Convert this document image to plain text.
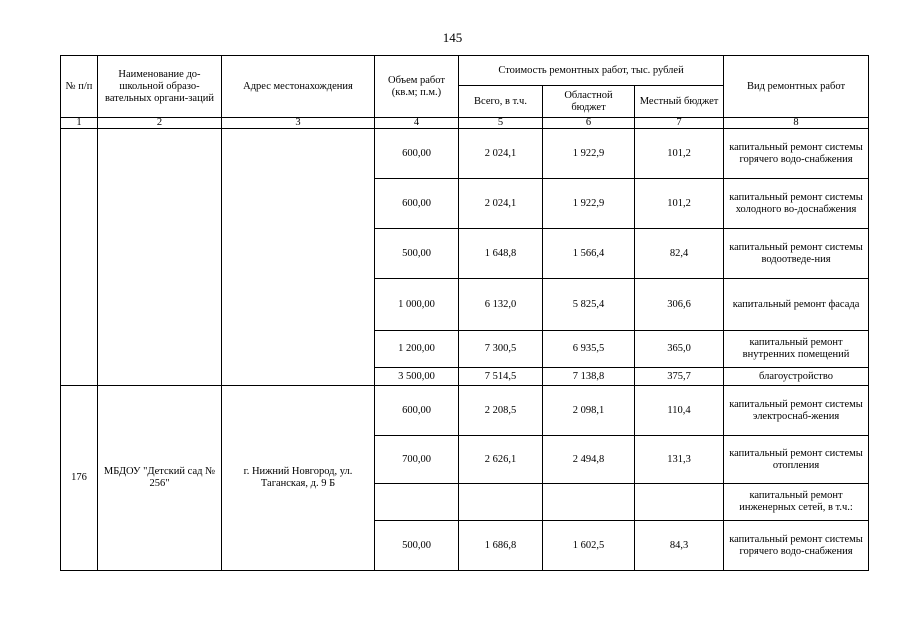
145
№ п/п	Наименование до-школьной образо-вательных органи-заций	Адрес местонахождения	Объем работ (кв.м; п.м.)	Стоимость ремонтных работ, тыс. рублей			Вид ремонтных работ
				Всего, в т.ч.	Областной бюджет	Местный бюджет	
1	2	3	4	5	6	7	8
			600,00	2 024,1	1 922,9	101,2	капитальный ремонт системы горячего водо-снабжения
			600,00	2 024,1	1 922,9	101,2	капитальный ремонт системы холодного во-доснабжения
			500,00	1 648,8	1 566,4	82,4	капитальный ремонт системы водоотведе-ния
			1 000,00	6 132,0	5 825,4	306,6	капитальный ремонт фасада
			1 200,00	7 300,5	6 935,5	365,0	капитальный ремонт внутренних помещений
			3 500,00	7 514,5	7 138,8	375,7	благоустройство
176	МБДОУ "Детский сад № 256"	г. Нижний Новгород, ул. Таганская, д. 9 Б	600,00	2 208,5	2 098,1	110,4	капитальный ремонт системы электроснаб-жения
			700,00	2 626,1	2 494,8	131,3	капитальный ремонт системы отопления
							капитальный ремонт инженерных сетей, в т.ч.:
			500,00	1 686,8	1 602,5	84,3	капитальный ремонт системы горячего водо-снабжения
